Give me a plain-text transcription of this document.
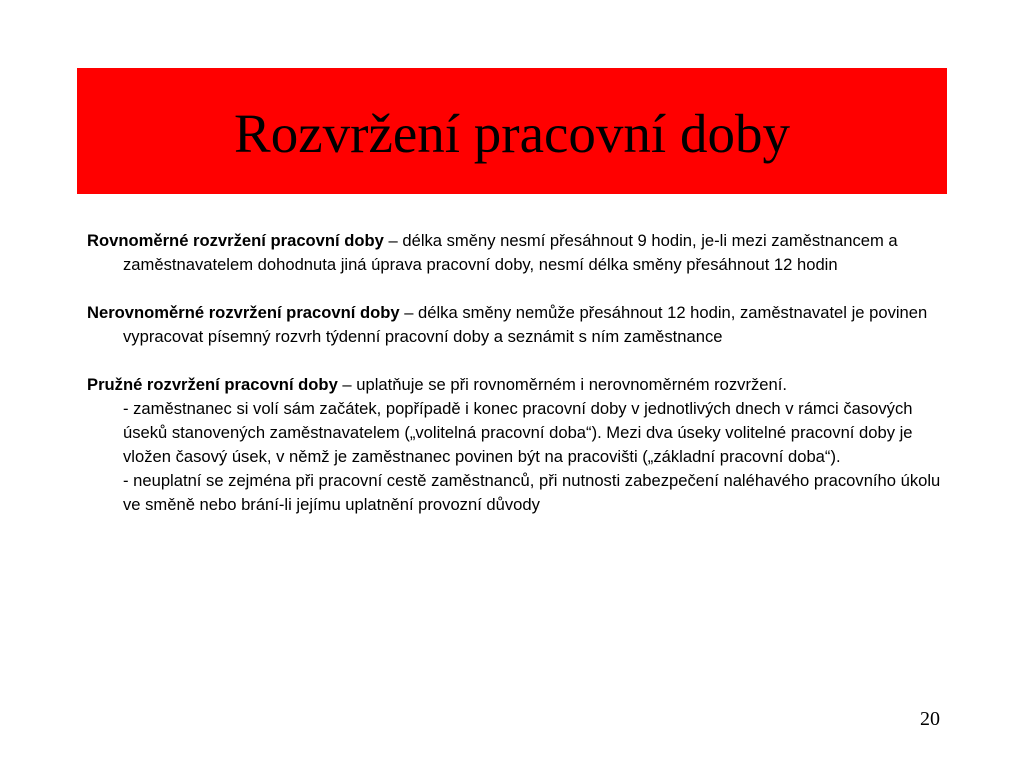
Rozvržení pracovní doby

Rovnoměrné rozvržení pracovní doby – délka směny nesmí přesáhnout 9 hodin, je-li mezi zaměstnancem a zaměstnavatelem dohodnuta jiná úprava pracovní doby, nesmí délka směny přesáhnout 12 hodin

Nerovnoměrné rozvržení pracovní doby – délka směny nemůže přesáhnout 12 hodin, zaměstnavatel je povinen vypracovat písemný rozvrh týdenní pracovní doby a seznámit s ním zaměstnance

Pružné rozvržení pracovní doby – uplatňuje se při rovnoměrném i nerovnoměrném rozvržení.
- zaměstnanec si volí sám začátek, popřípadě i konec pracovní doby v jednotlivých dnech v rámci časových úseků stanovených zaměstnavatelem („volitelná pracovní doba“). Mezi dva úseky volitelné pracovní doby je vložen časový úsek, v němž je zaměstnanec povinen být na pracovišti („základní pracovní doba“).
- neuplatní se zejména při pracovní cestě zaměstnanců, při nutnosti zabezpečení naléhavého pracovního úkolu ve směně nebo brání-li jejímu uplatnění provozní důvody

20
